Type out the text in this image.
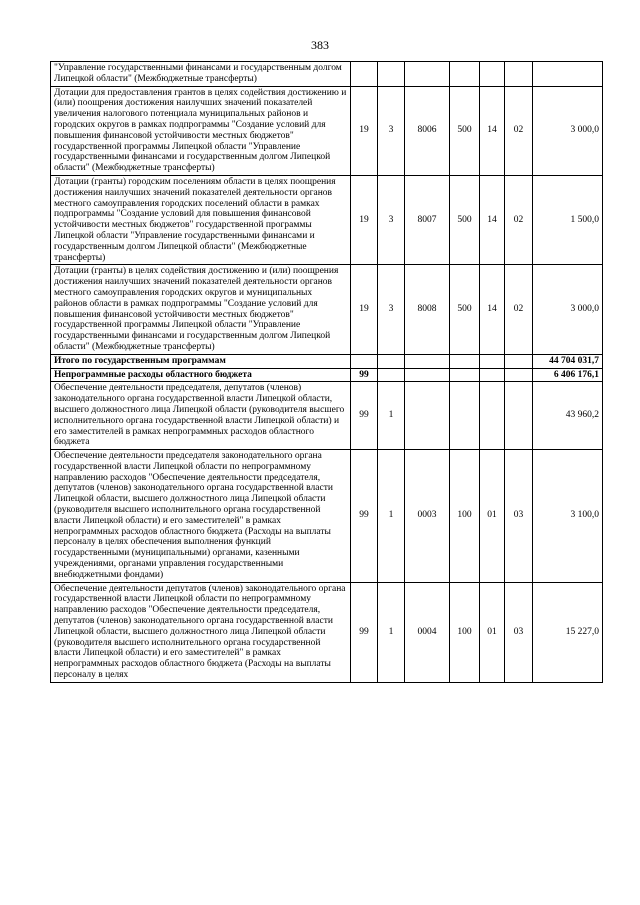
383
"Управление государственными финансами и государственным долгом Липецкой области" (Межбюджетные трансферты)							
Дотации для предоставления грантов в целях содействия достижению и (или) поощрения достижения наилучших значений показателей увеличения налогового потенциала муниципальных районов и городских округов в рамках подпрограммы "Создание условий для повышения финансовой устойчивости местных бюджетов" государственной программы Липецкой области "Управление государственными финансами и государственным долгом Липецкой области" (Межбюджетные трансферты)	19	3	8006	500	14	02	3 000,0
Дотации (гранты) городским поселениям области в целях поощрения достижения наилучших значений показателей деятельности органов местного самоуправления городских поселений области в рамках подпрограммы "Создание условий для повышения финансовой устойчивости местных бюджетов" государственной программы Липецкой области "Управление государственными финансами и государственным долгом Липецкой области" (Межбюджетные трансферты)	19	3	8007	500	14	02	1 500,0
Дотации (гранты) в целях содействия достижению и (или) поощрения достижения наилучших значений показателей деятельности органов местного самоуправления городских округов и муниципальных районов области в рамках подпрограммы "Создание условий для повышения финансовой устойчивости местных бюджетов" государственной программы Липецкой области "Управление государственными финансами и государственным долгом Липецкой области" (Межбюджетные трансферты)	19	3	8008	500	14	02	3 000,0
Итого по государственным программам							44 704 031,7
Непрограммные расходы областного бюджета	99						6 406 176,1
Обеспечение деятельности председателя, депутатов (членов) законодательного органа государственной власти Липецкой области, высшего должностного лица Липецкой области (руководителя высшего исполнительного органа государственной власти Липецкой области) и его заместителей в рамках непрограммных расходов областного бюджета	99	1					43 960,2
Обеспечение деятельности председателя законодательного органа государственной власти Липецкой области по непрограммному направлению расходов "Обеспечение деятельности председателя, депутатов (членов) законодательного органа государственной власти Липецкой области, высшего должностного лица Липецкой области (руководителя высшего исполнительного органа государственной власти Липецкой области) и его заместителей" в рамках непрограммных расходов областного бюджета (Расходы на выплаты персоналу в целях обеспечения выполнения функций государственными (муниципальными) органами, казенными учреждениями, органами управления государственными внебюджетными фондами)	99	1	0003	100	01	03	3 100,0
Обеспечение деятельности депутатов (членов) законодательного органа государственной власти Липецкой области по непрограммному направлению расходов "Обеспечение деятельности председателя, депутатов (членов) законодательного органа государственной власти Липецкой области, высшего должностного лица Липецкой области (руководителя высшего исполнительного органа государственной власти Липецкой области) и его заместителей" в рамках непрограммных расходов областного бюджета (Расходы на выплаты персоналу в целях	99	1	0004	100	01	03	15 227,0
